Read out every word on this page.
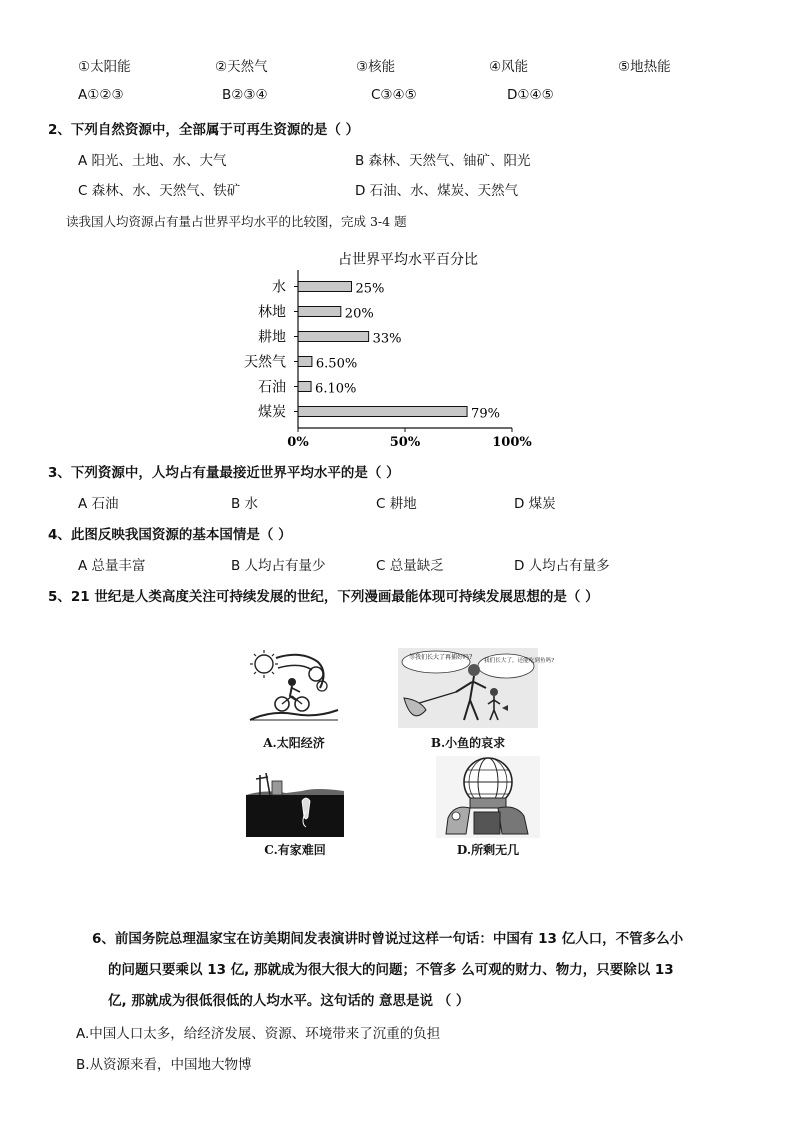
①太阳能	②天然气	③核能	④风能	⑤地热能
A①②③	B②③④	C③④⑤	D①④⑤
2、下列自然资源中，全部属于可再生资源的是（ ）
A 阳光、土地、水、大气	B 森林、天然气、铀矿、阳光
C 森林、水、天然气、铁矿	D 石油、水、煤炭、天然气
读我国人均资源占有量占世界平均水平的比较图，完成 3-4 题
占世界平均水平百分比
水	25%
林地	20%
耕地	33%
天然气 6.50%
石油 6.10%
煤炭	79%
0%	50%	100%
3、下列资源中，人均占有量最接近世界平均水平的是（ ）
A 石油	B 水	C 耕地	D 煤炭
4、此图反映我国资源的基本国情是（ ）
A 总量丰富	B 人均占有量少	C 总量缺乏	D 人均占有量多
5、21 世纪是人类高度关注可持续发展的世纪，下列漫画最能体现可持续发展思想的是（ ）
A.太阳经济
等我们长大了再捕好吗? 我们长大了，还能吃到鱼吗?
B.小鱼的哀求
C.有家难回	D.所剩无几
6、前国务院总理温家宝在访美期间发表演讲时曾说过这样一句话：中国有 13 亿人口，不管多么小
的问题只要乘以 13 亿, 那就成为很大很大的问题；不管多 么可观的财力、物力，只要除以 13
亿, 那就成为很低很低的人均水平。这句话的 意思是说 （ ）
A.中国人口太多，给经济发展、资源、环境带来了沉重的负担
B.从资源来看，中国地大物博
